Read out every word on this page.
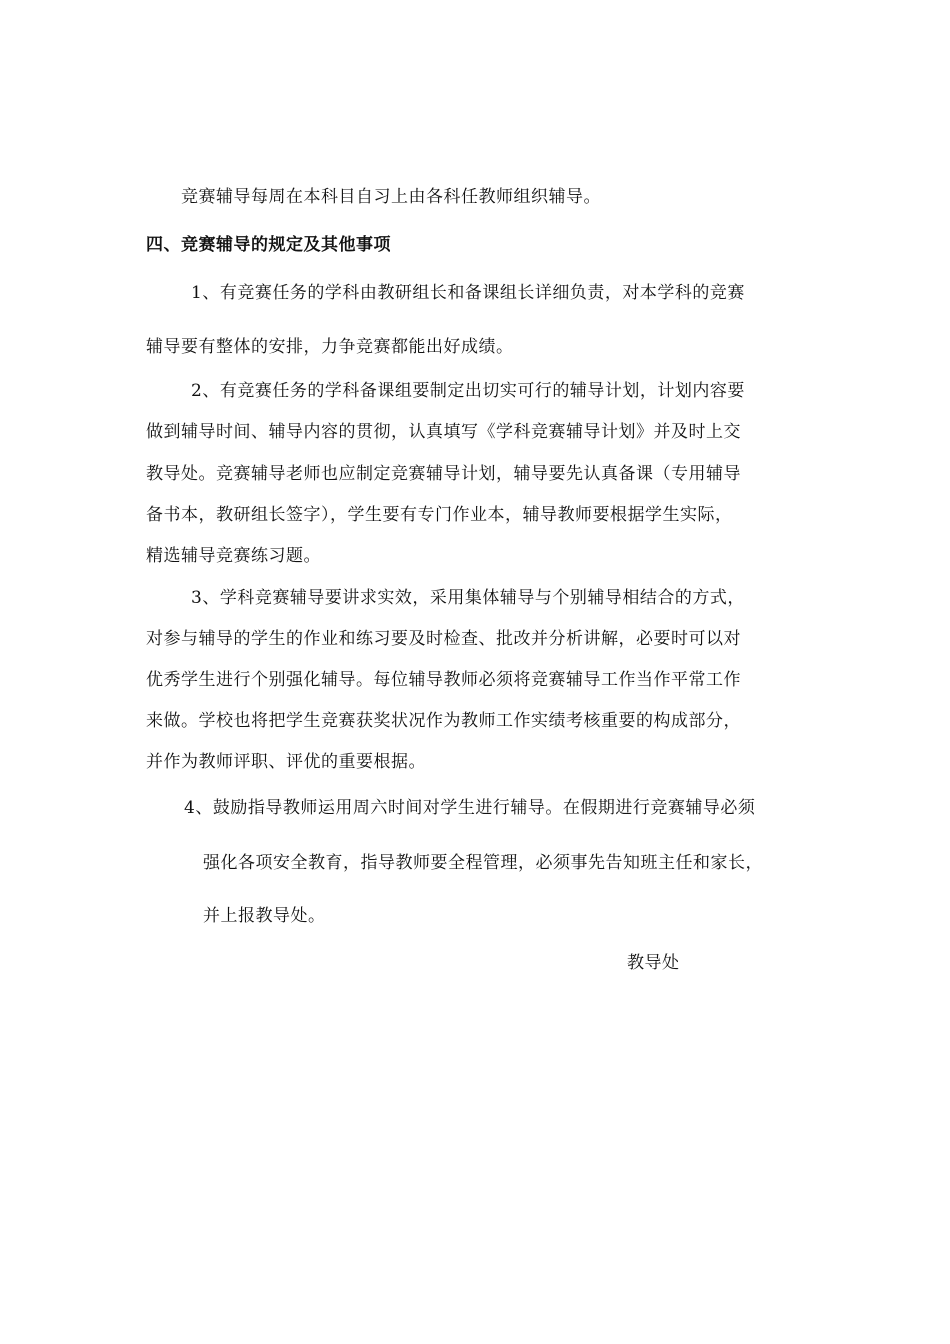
竞赛辅导每周在本科目自习上由各科任教师组织辅导。
四、竞赛辅导的规定及其他事项
1、有竞赛任务的学科由教研组长和备课组长详细负责，对本学科的竞赛
辅导要有整体的安排，力争竞赛都能出好成绩。
2、有竞赛任务的学科备课组要制定出切实可行的辅导计划，计划内容要
做到辅导时间、辅导内容的贯彻，认真填写《学科竞赛辅导计划》并及时上交
教导处。竞赛辅导老师也应制定竞赛辅导计划，辅导要先认真备课（专用辅导
备书本，教研组长签字），学生要有专门作业本，辅导教师要根据学生实际，
精选辅导竞赛练习题。
3、学科竞赛辅导要讲求实效，采用集体辅导与个别辅导相结合的方式，
对参与辅导的学生的作业和练习要及时检查、批改并分析讲解，必要时可以对
优秀学生进行个别强化辅导。每位辅导教师必须将竞赛辅导工作当作平常工作
来做。学校也将把学生竞赛获奖状况作为教师工作实绩考核重要的构成部分，
并作为教师评职、评优的重要根据。
4、鼓励指导教师运用周六时间对学生进行辅导。在假期进行竞赛辅导必须
强化各项安全教育，指导教师要全程管理，必须事先告知班主任和家长，
并上报教导处。
教导处
